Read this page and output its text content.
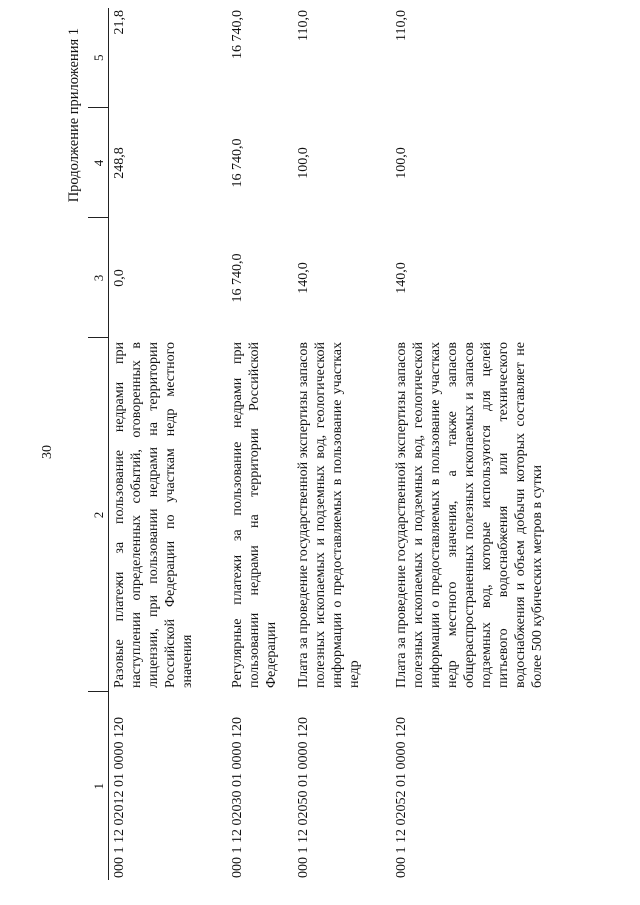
30
Продолжение приложения 1
1	2	3	4	5
000 1 12 02012 01 0000 120	Разовые платежи за пользование недрами при наступлении определенных событий, оговоренных в лицензии, при пользовании недрами на территории Российской Федерации по участкам недр местного значения	0,0	248,8	21,8
000 1 12 02030 01 0000 120	Регулярные платежи за пользование недрами при пользовании недрами на территории Российской Федерации	16 740,0	16 740,0	16 740,0
000 1 12 02050 01 0000 120	Плата за проведение государственной экспертизы запасов полезных ископаемых и подземных вод, геологической информации о предоставляемых в пользование участках недр	140,0	100,0	110,0
000 1 12 02052 01 0000 120	Плата за проведение государственной экспертизы запасов полезных ископаемых и подземных вод, геологической информации о предоставляемых в пользование участках недр местного значения, а также запасов общераспространенных полезных ископаемых и запасов подземных вод, которые используются для целей питьевого водоснабжения или технического водоснабжения и объем добычи которых составляет не более 500 кубических метров в сутки	140,0	100,0	110,0
